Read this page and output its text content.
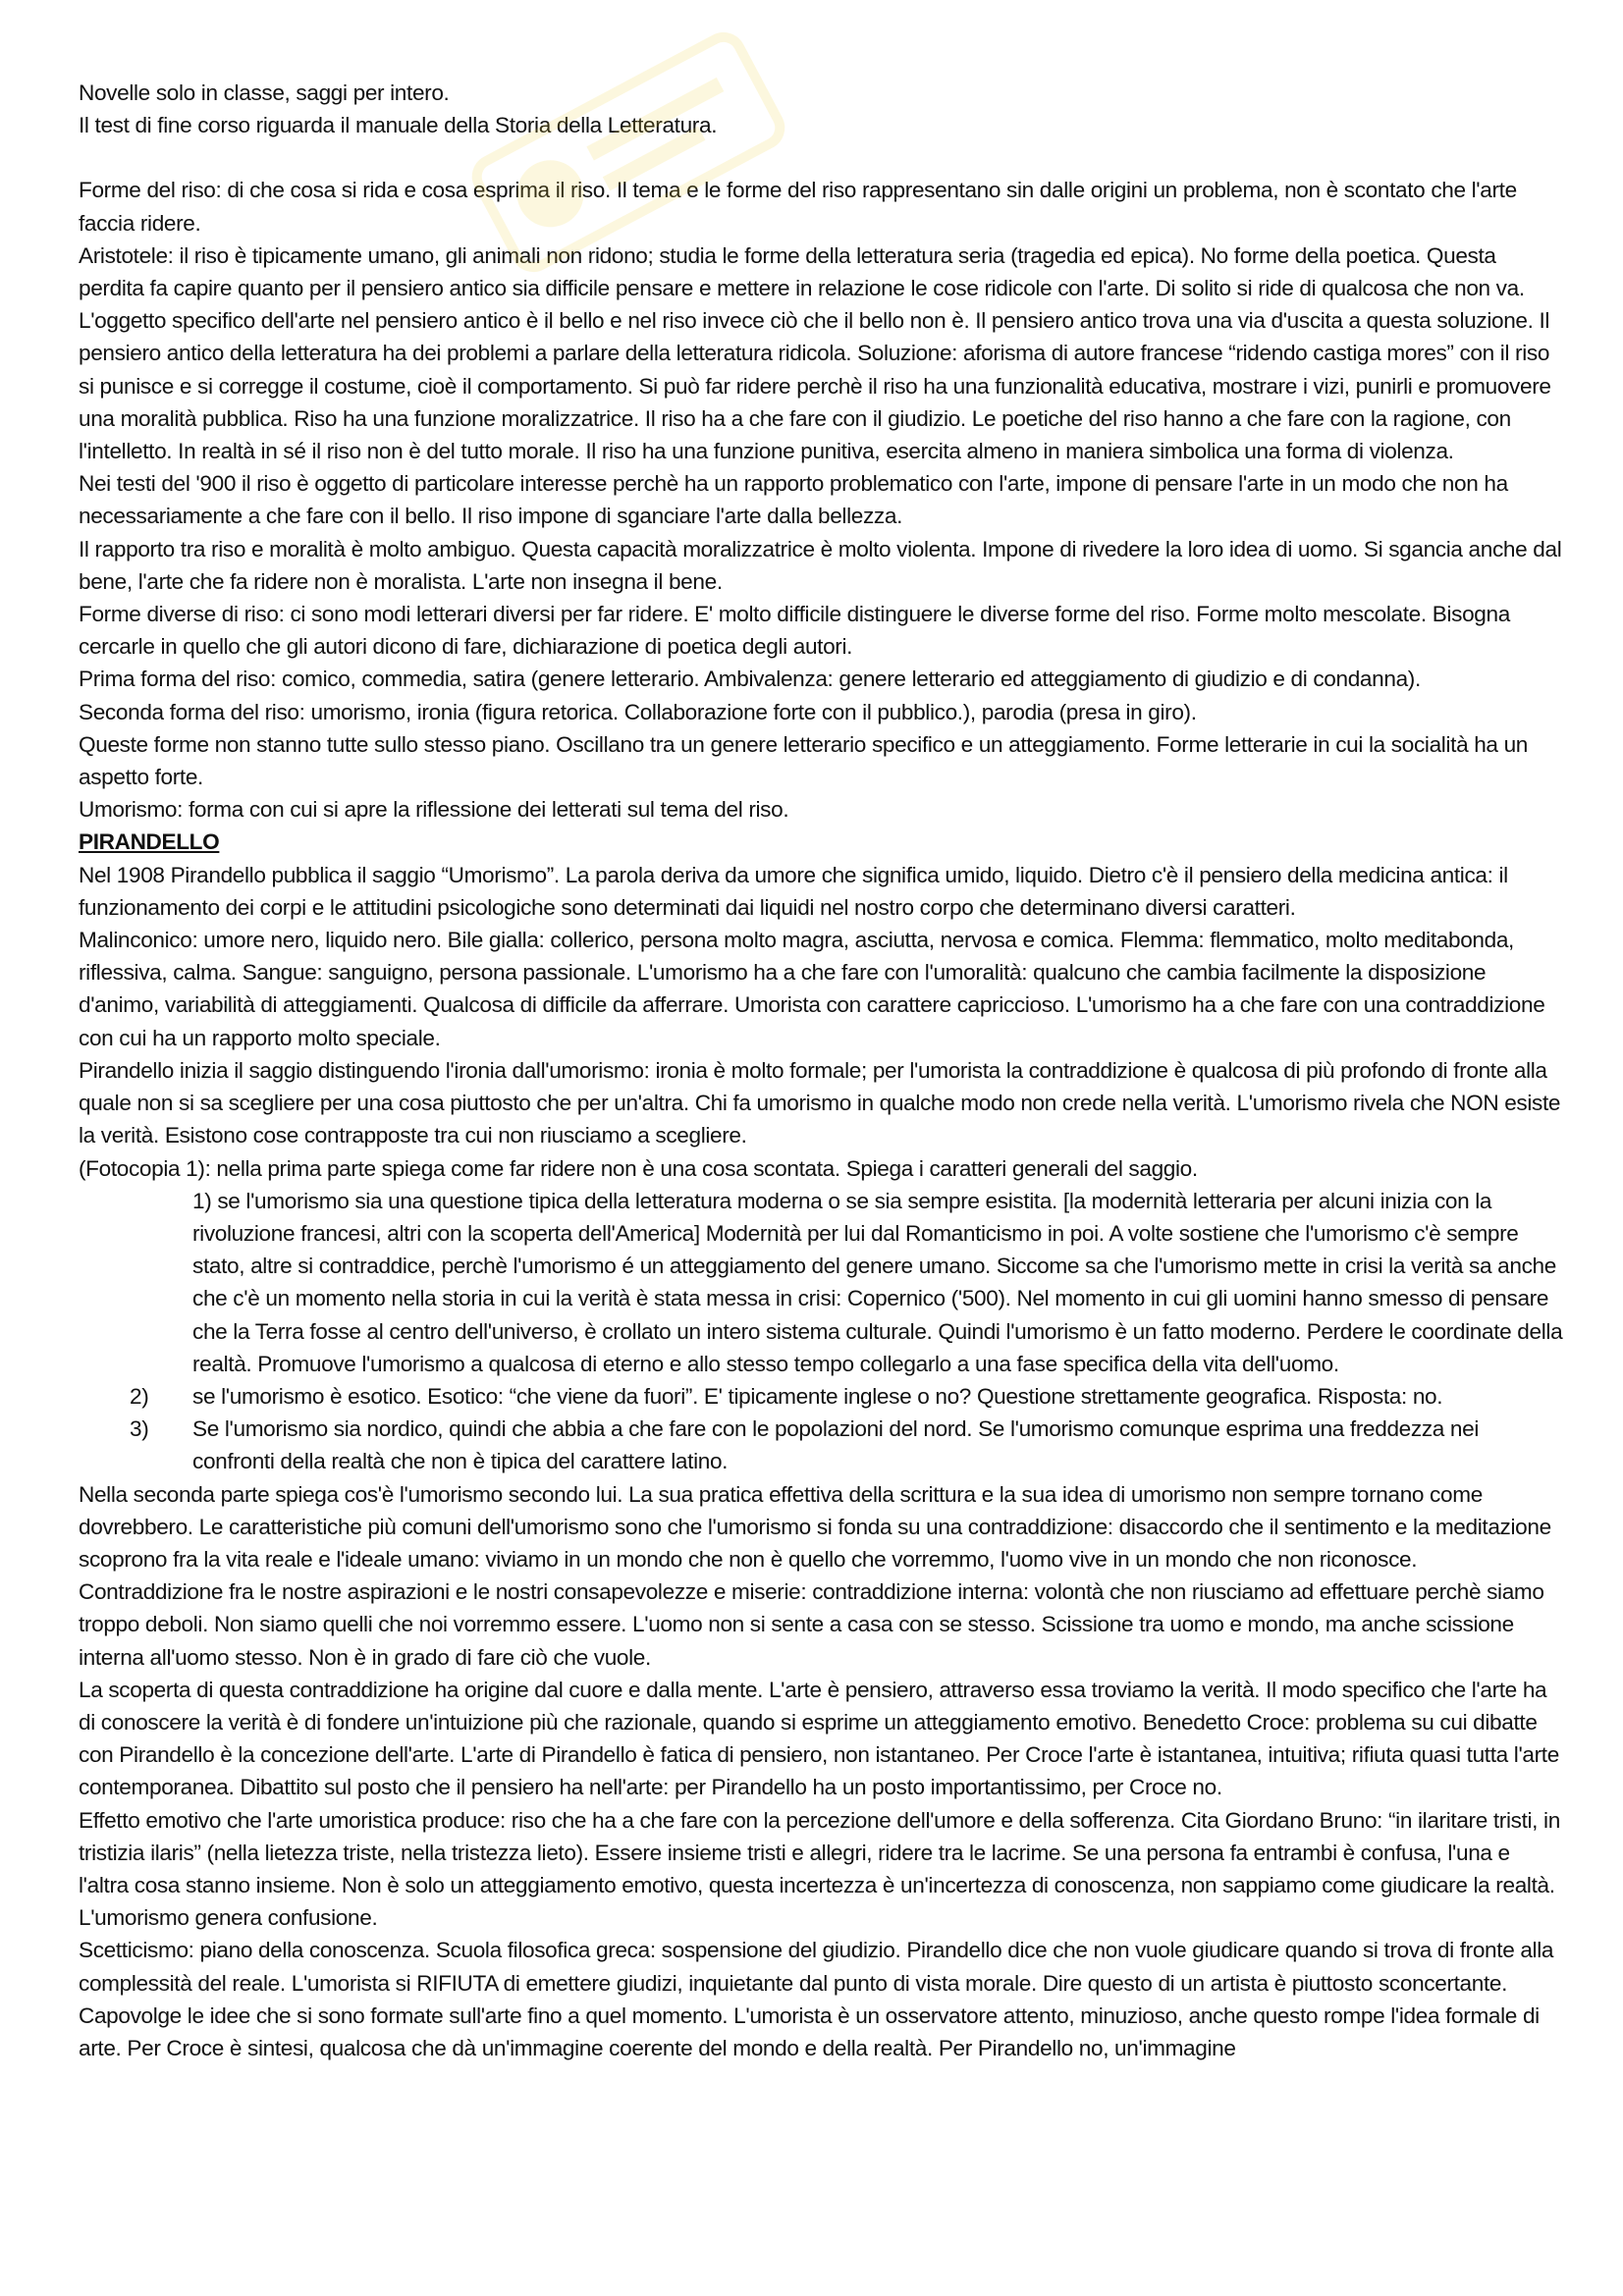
Novelle solo in classe, saggi per intero.

Il test di fine corso riguarda il manuale della Storia della Letteratura.

Forme del riso: di che cosa si rida e cosa esprima il riso. Il tema e le forme del riso rappresentano sin dalle origini un problema, non è scontato che l'arte faccia ridere.

Aristotele: il riso è tipicamente umano, gli animali non ridono; studia le forme della letteratura seria (tragedia ed epica). No forme della poetica. Questa perdita fa capire quanto per il pensiero antico sia difficile pensare e mettere in relazione le cose ridicole con l'arte. Di solito si ride di qualcosa che non va. L'oggetto specifico dell'arte nel pensiero antico è il bello e nel riso invece ciò che il bello non è. Il pensiero antico trova una via d'uscita a questa soluzione. Il pensiero antico della letteratura ha dei problemi a parlare della letteratura ridicola. Soluzione: aforisma di autore francese “ridendo castiga mores” con il riso si punisce e si corregge il costume, cioè il comportamento. Si può far ridere perchè il riso ha una funzionalità educativa, mostrare i vizi, punirli e promuovere una moralità pubblica. Riso ha una funzione moralizzatrice. Il riso ha a che fare con il giudizio. Le poetiche del riso hanno a che fare con la ragione, con l'intelletto. In realtà in sé il riso non è del tutto morale. Il riso ha una funzione punitiva, esercita almeno in maniera simbolica una forma di violenza.

Nei testi del '900 il riso è oggetto di particolare interesse perchè ha un rapporto problematico con l'arte, impone di pensare l'arte in un modo che non ha necessariamente a che fare con il bello. Il riso impone di sganciare l'arte dalla bellezza.

Il rapporto tra riso e moralità è molto ambiguo. Questa capacità moralizzatrice è molto violenta. Impone di rivedere la loro idea di uomo. Si sgancia anche dal bene, l'arte che fa ridere non è moralista. L'arte non insegna il bene.

Forme diverse di riso: ci sono modi letterari diversi per far ridere. E' molto difficile distinguere le diverse forme del riso. Forme molto mescolate. Bisogna cercarle in quello che gli autori dicono di fare, dichiarazione di poetica degli autori.

Prima forma del riso: comico, commedia, satira (genere letterario. Ambivalenza: genere letterario ed atteggiamento di giudizio e di condanna).

Seconda forma del riso: umorismo, ironia (figura retorica. Collaborazione forte con il pubblico.), parodia (presa in giro).

Queste forme non stanno tutte sullo stesso piano. Oscillano tra un genere letterario specifico e un atteggiamento. Forme letterarie in cui la socialità ha un aspetto forte.

Umorismo: forma con cui si apre la riflessione dei letterati sul tema del riso.

PIRANDELLO

Nel 1908 Pirandello pubblica il saggio “Umorismo”. La parola deriva da umore che significa umido, liquido. Dietro c'è il pensiero della medicina antica: il funzionamento dei corpi e le attitudini psicologiche sono determinati dai liquidi nel nostro corpo che determinano diversi caratteri.

Malinconico: umore nero, liquido nero. Bile gialla: collerico, persona molto magra, asciutta, nervosa e comica. Flemma: flemmatico, molto meditabonda, riflessiva, calma. Sangue: sanguigno, persona passionale. L'umorismo ha a che fare con l'umoralità: qualcuno che cambia facilmente la disposizione d'animo, variabilità di atteggiamenti. Qualcosa di difficile da afferrare. Umorista con carattere capriccioso. L'umorismo ha a che fare con una contraddizione con cui ha un rapporto molto speciale.

Pirandello inizia il saggio distinguendo l'ironia dall'umorismo: ironia è molto formale; per l'umorista la contraddizione è qualcosa di più profondo di fronte alla quale non si sa scegliere per una cosa piuttosto che per un'altra. Chi fa umorismo in qualche modo non crede nella verità. L'umorismo rivela che NON esiste la verità. Esistono cose contrapposte tra cui non riusciamo a scegliere.

(Fotocopia 1): nella prima parte spiega come far ridere non è una cosa scontata. Spiega i caratteri generali del saggio.

1) se l'umorismo sia una questione tipica della letteratura moderna o se sia sempre esistita. [la modernità letteraria per alcuni inizia con la rivoluzione francesi, altri con la scoperta dell'America] Modernità per lui dal Romanticismo in poi. A volte sostiene che l'umorismo c'è sempre stato, altre si contraddice, perchè l'umorismo é un atteggiamento del genere umano. Siccome sa che l'umorismo mette in crisi la verità sa anche che c'è un momento nella storia in cui la verità è stata messa in crisi: Copernico ('500). Nel momento in cui gli uomini hanno smesso di pensare che la Terra fosse al centro dell'universo, è crollato un intero sistema culturale. Quindi l'umorismo è un fatto moderno. Perdere le coordinate della realtà. Promuove l'umorismo a qualcosa di eterno e allo stesso tempo collegarlo a una fase specifica della vita dell'uomo.

2) se l'umorismo è esotico. Esotico: “che viene da fuori”. E' tipicamente inglese o no? Questione strettamente geografica. Risposta: no.

3) Se l'umorismo sia nordico, quindi che abbia a che fare con le popolazioni del nord. Se l'umorismo comunque esprima una freddezza nei confronti della realtà che non è tipica del carattere latino.

Nella seconda parte spiega cos'è l'umorismo secondo lui. La sua pratica effettiva della scrittura e la sua idea di umorismo non sempre tornano come dovrebbero. Le caratteristiche più comuni dell'umorismo sono che l'umorismo si fonda su una contraddizione: disaccordo che il sentimento e la meditazione scoprono fra la vita reale e l'ideale umano: viviamo in un mondo che non è quello che vorremmo, l'uomo vive in un mondo che non riconosce. Contraddizione fra le nostre aspirazioni e le nostri consapevolezze e miserie: contraddizione interna: volontà che non riusciamo ad effettuare perchè siamo troppo deboli. Non siamo quelli che noi vorremmo essere. L'uomo non si sente a casa con se stesso. Scissione tra uomo e mondo, ma anche scissione interna all'uomo stesso. Non è in grado di fare ciò che vuole.

La scoperta di questa contraddizione ha origine dal cuore e dalla mente. L'arte è pensiero, attraverso essa troviamo la verità. Il modo specifico che l'arte ha di conoscere la verità è di fondere un'intuizione più che razionale, quando si esprime un atteggiamento emotivo. Benedetto Croce: problema su cui dibatte con Pirandello è la concezione dell'arte. L'arte di Pirandello è fatica di pensiero, non istantaneo. Per Croce l'arte è istantanea, intuitiva; rifiuta quasi tutta l'arte contemporanea. Dibattito sul posto che il pensiero ha nell'arte: per Pirandello ha un posto importantissimo, per Croce no.

Effetto emotivo che l'arte umoristica produce: riso che ha a che fare con la percezione dell'umore e della sofferenza. Cita Giordano Bruno: “in ilaritare tristi, in tristizia ilaris” (nella lietezza triste, nella tristezza lieto). Essere insieme tristi e allegri, ridere tra le lacrime. Se una persona fa entrambi è confusa, l'una e l'altra cosa stanno insieme. Non è solo un atteggiamento emotivo, questa incertezza è un'incertezza di conoscenza, non sappiamo come giudicare la realtà. L'umorismo genera confusione.

Scetticismo: piano della conoscenza. Scuola filosofica greca: sospensione del giudizio. Pirandello dice che non vuole giudicare quando si trova di fronte alla complessità del reale. L'umorista si RIFIUTA di emettere giudizi, inquietante dal punto di vista morale. Dire questo di un artista è piuttosto sconcertante. Capovolge le idee che si sono formate sull'arte fino a quel momento. L'umorista è un osservatore attento, minuzioso, anche questo rompe l'idea formale di arte. Per Croce è sintesi, qualcosa che dà un'immagine coerente del mondo e della realtà. Per Pirandello no, un'immagine
